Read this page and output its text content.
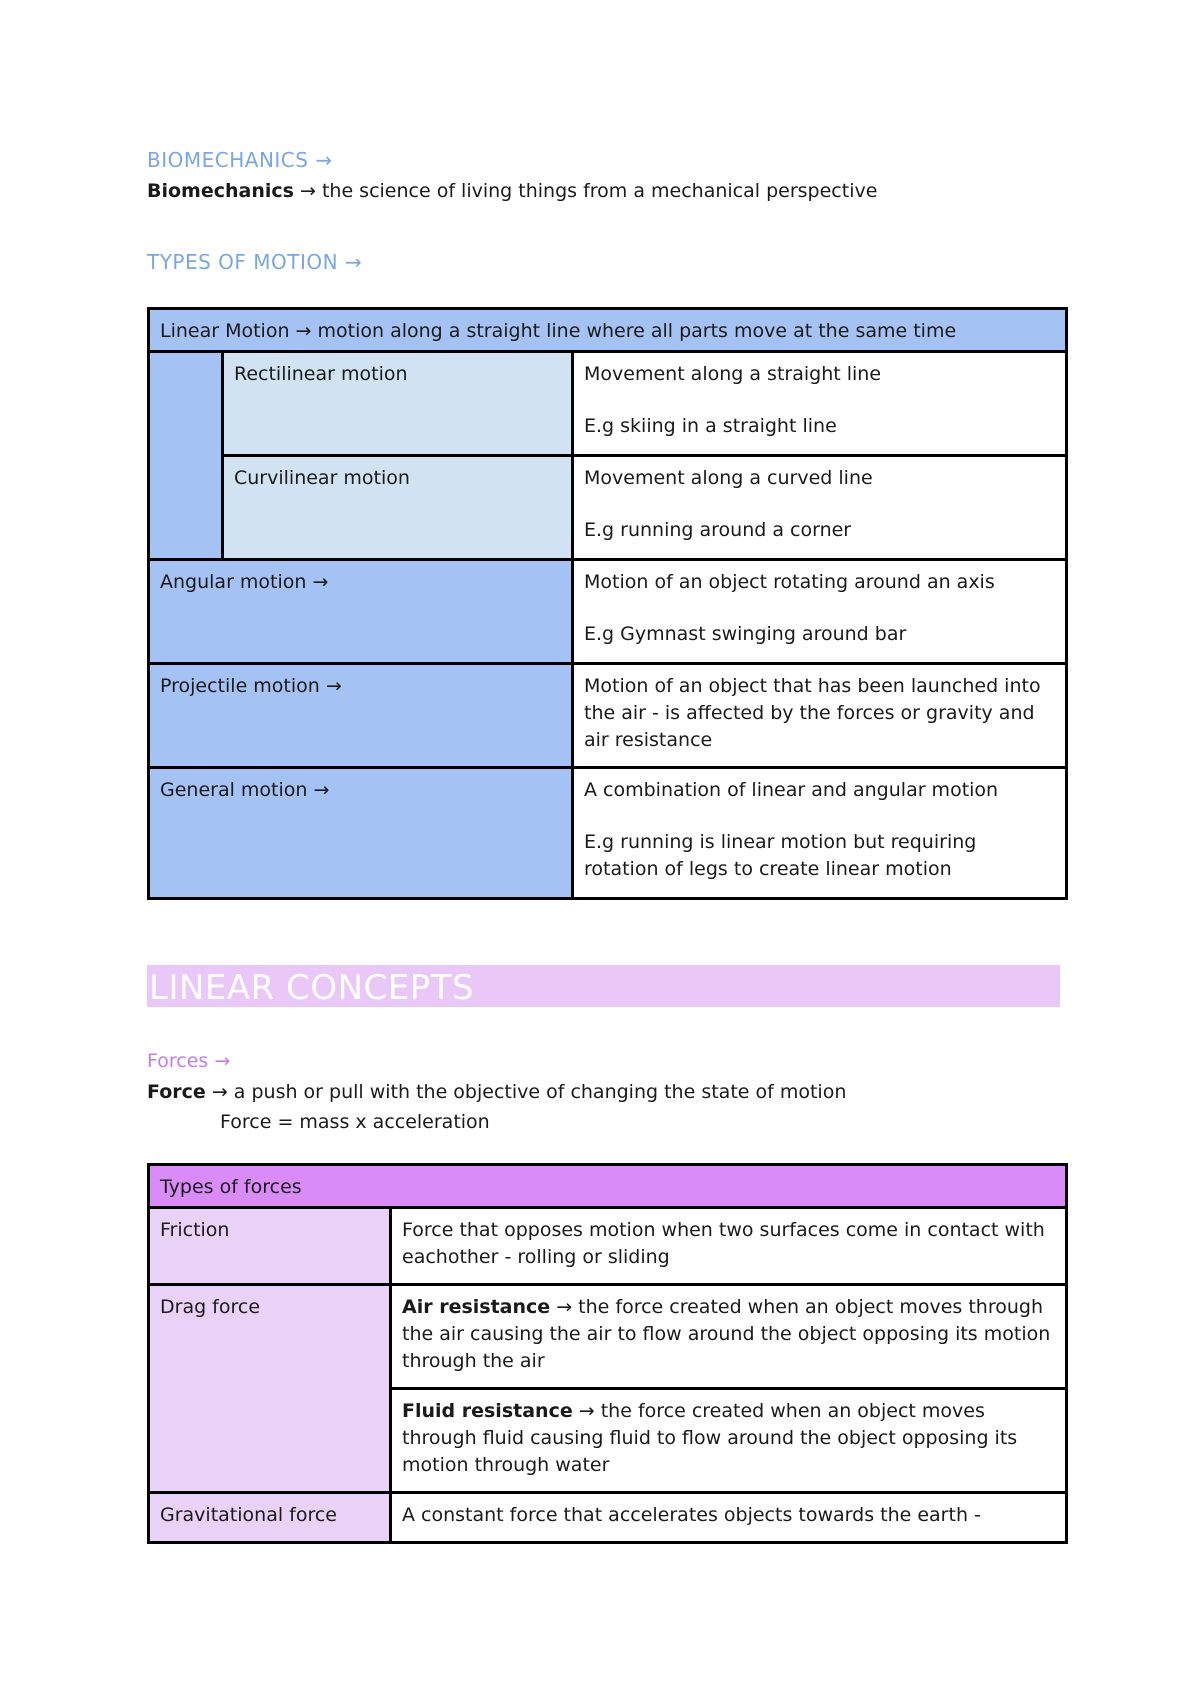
BIOMECHANICS →
Biomechanics → the science of living things from a mechanical perspective
TYPES OF MOTION →
Linear Motion → motion along a straight line where all parts move at the same time		
	Rectilinear motion	Movement along a straight line

E.g skiing in a straight line

	Curvilinear motion	Movement along a curved line

E.g running around a corner

Angular motion →		Motion of an object rotating around an axis

E.g Gymnast swinging around bar

Projectile motion →		Motion of an object that has been launched into the air - is affected by the forces or gravity and air resistance

General motion →		A combination of linear and angular motion

E.g running is linear motion but requiring rotation of legs to create linear motion

LINEAR CONCEPTS
Forces →
Force → a push or pull with the objective of changing the state of motion
Force = mass x acceleration
Types of forces	
Friction	Force that opposes motion when two surfaces come in contact with eachother - rolling or sliding

Drag force	Air resistance → the force created when an object moves through the air causing the air to flow around the object opposing its motion through the air

	Fluid resistance → the force created when an object moves through fluid causing fluid to flow around the object opposing its motion through water

Gravitational force	A constant force that accelerates objects towards the earth -
